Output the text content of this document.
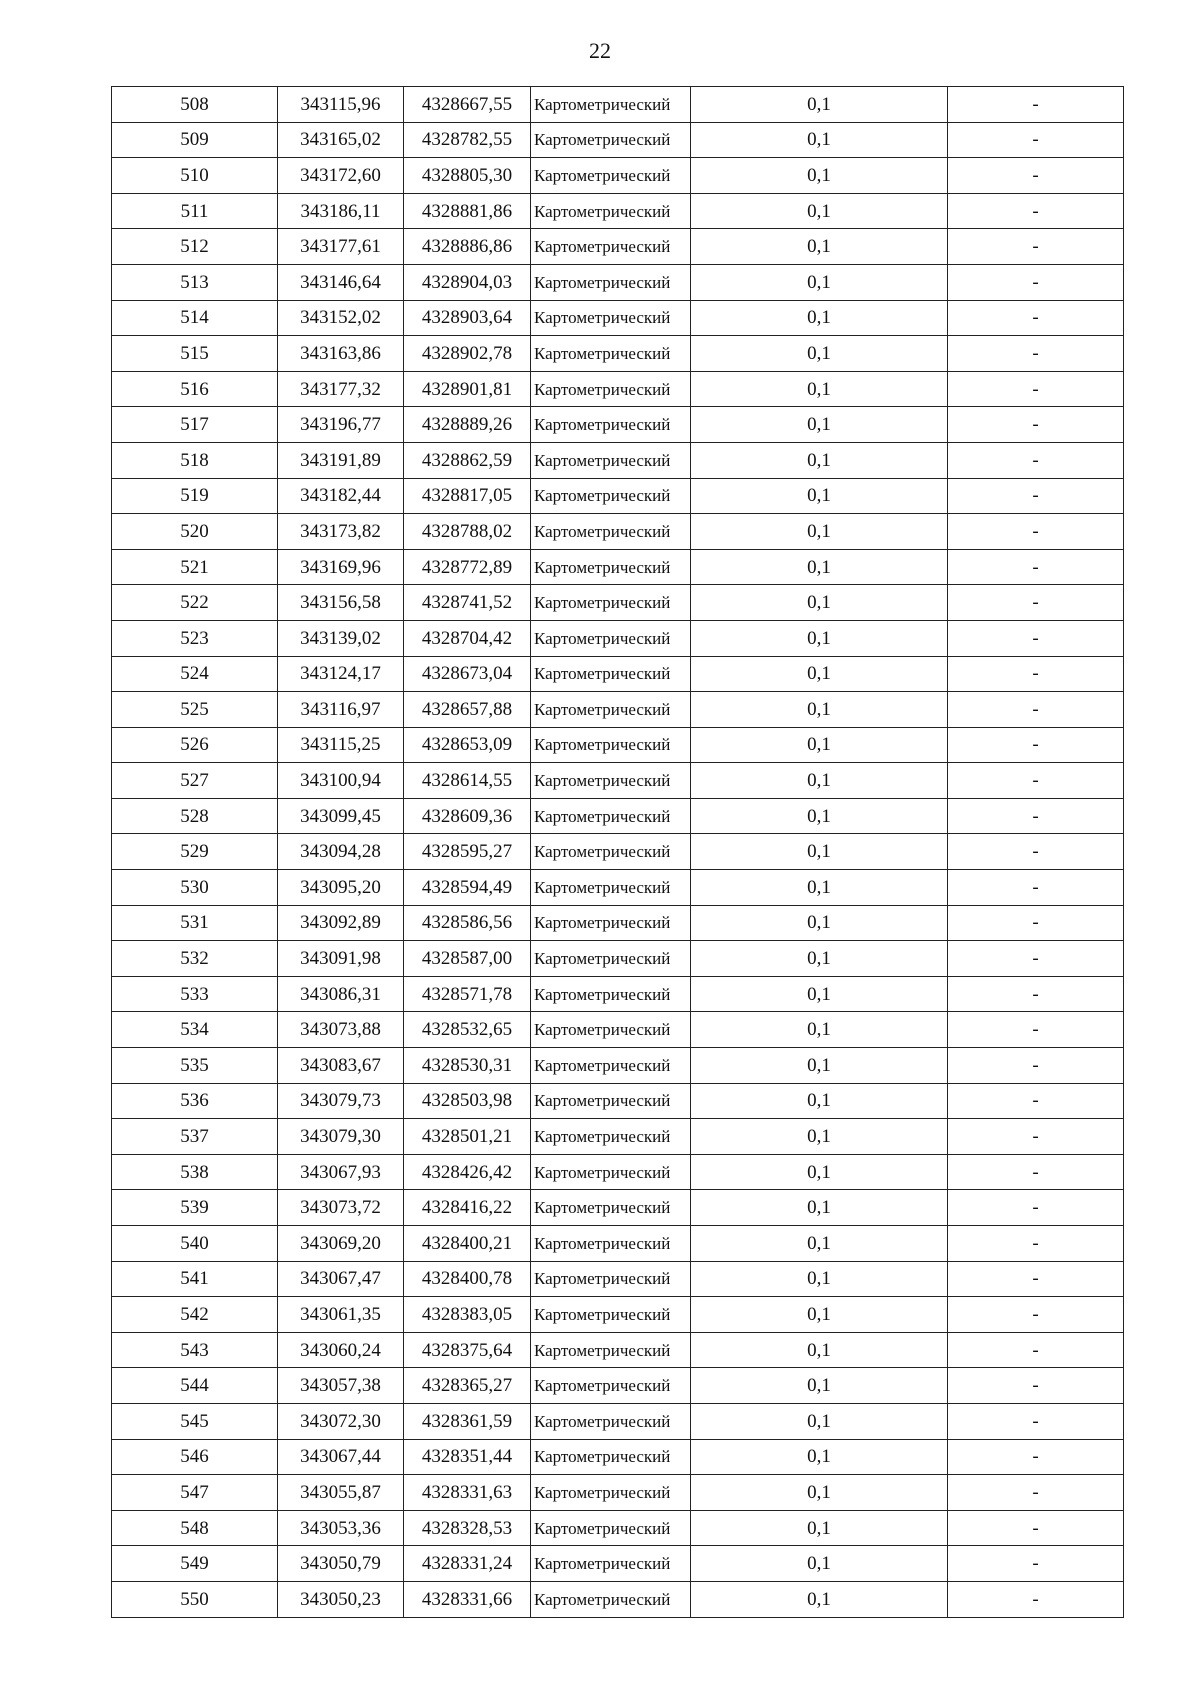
22
508	343115,96	4328667,55	Картометрический	0,1	-
509	343165,02	4328782,55	Картометрический	0,1	-
510	343172,60	4328805,30	Картометрический	0,1	-
511	343186,11	4328881,86	Картометрический	0,1	-
512	343177,61	4328886,86	Картометрический	0,1	-
513	343146,64	4328904,03	Картометрический	0,1	-
514	343152,02	4328903,64	Картометрический	0,1	-
515	343163,86	4328902,78	Картометрический	0,1	-
516	343177,32	4328901,81	Картометрический	0,1	-
517	343196,77	4328889,26	Картометрический	0,1	-
518	343191,89	4328862,59	Картометрический	0,1	-
519	343182,44	4328817,05	Картометрический	0,1	-
520	343173,82	4328788,02	Картометрический	0,1	-
521	343169,96	4328772,89	Картометрический	0,1	-
522	343156,58	4328741,52	Картометрический	0,1	-
523	343139,02	4328704,42	Картометрический	0,1	-
524	343124,17	4328673,04	Картометрический	0,1	-
525	343116,97	4328657,88	Картометрический	0,1	-
526	343115,25	4328653,09	Картометрический	0,1	-
527	343100,94	4328614,55	Картометрический	0,1	-
528	343099,45	4328609,36	Картометрический	0,1	-
529	343094,28	4328595,27	Картометрический	0,1	-
530	343095,20	4328594,49	Картометрический	0,1	-
531	343092,89	4328586,56	Картометрический	0,1	-
532	343091,98	4328587,00	Картометрический	0,1	-
533	343086,31	4328571,78	Картометрический	0,1	-
534	343073,88	4328532,65	Картометрический	0,1	-
535	343083,67	4328530,31	Картометрический	0,1	-
536	343079,73	4328503,98	Картометрический	0,1	-
537	343079,30	4328501,21	Картометрический	0,1	-
538	343067,93	4328426,42	Картометрический	0,1	-
539	343073,72	4328416,22	Картометрический	0,1	-
540	343069,20	4328400,21	Картометрический	0,1	-
541	343067,47	4328400,78	Картометрический	0,1	-
542	343061,35	4328383,05	Картометрический	0,1	-
543	343060,24	4328375,64	Картометрический	0,1	-
544	343057,38	4328365,27	Картометрический	0,1	-
545	343072,30	4328361,59	Картометрический	0,1	-
546	343067,44	4328351,44	Картометрический	0,1	-
547	343055,87	4328331,63	Картометрический	0,1	-
548	343053,36	4328328,53	Картометрический	0,1	-
549	343050,79	4328331,24	Картометрический	0,1	-
550	343050,23	4328331,66	Картометрический	0,1	-
